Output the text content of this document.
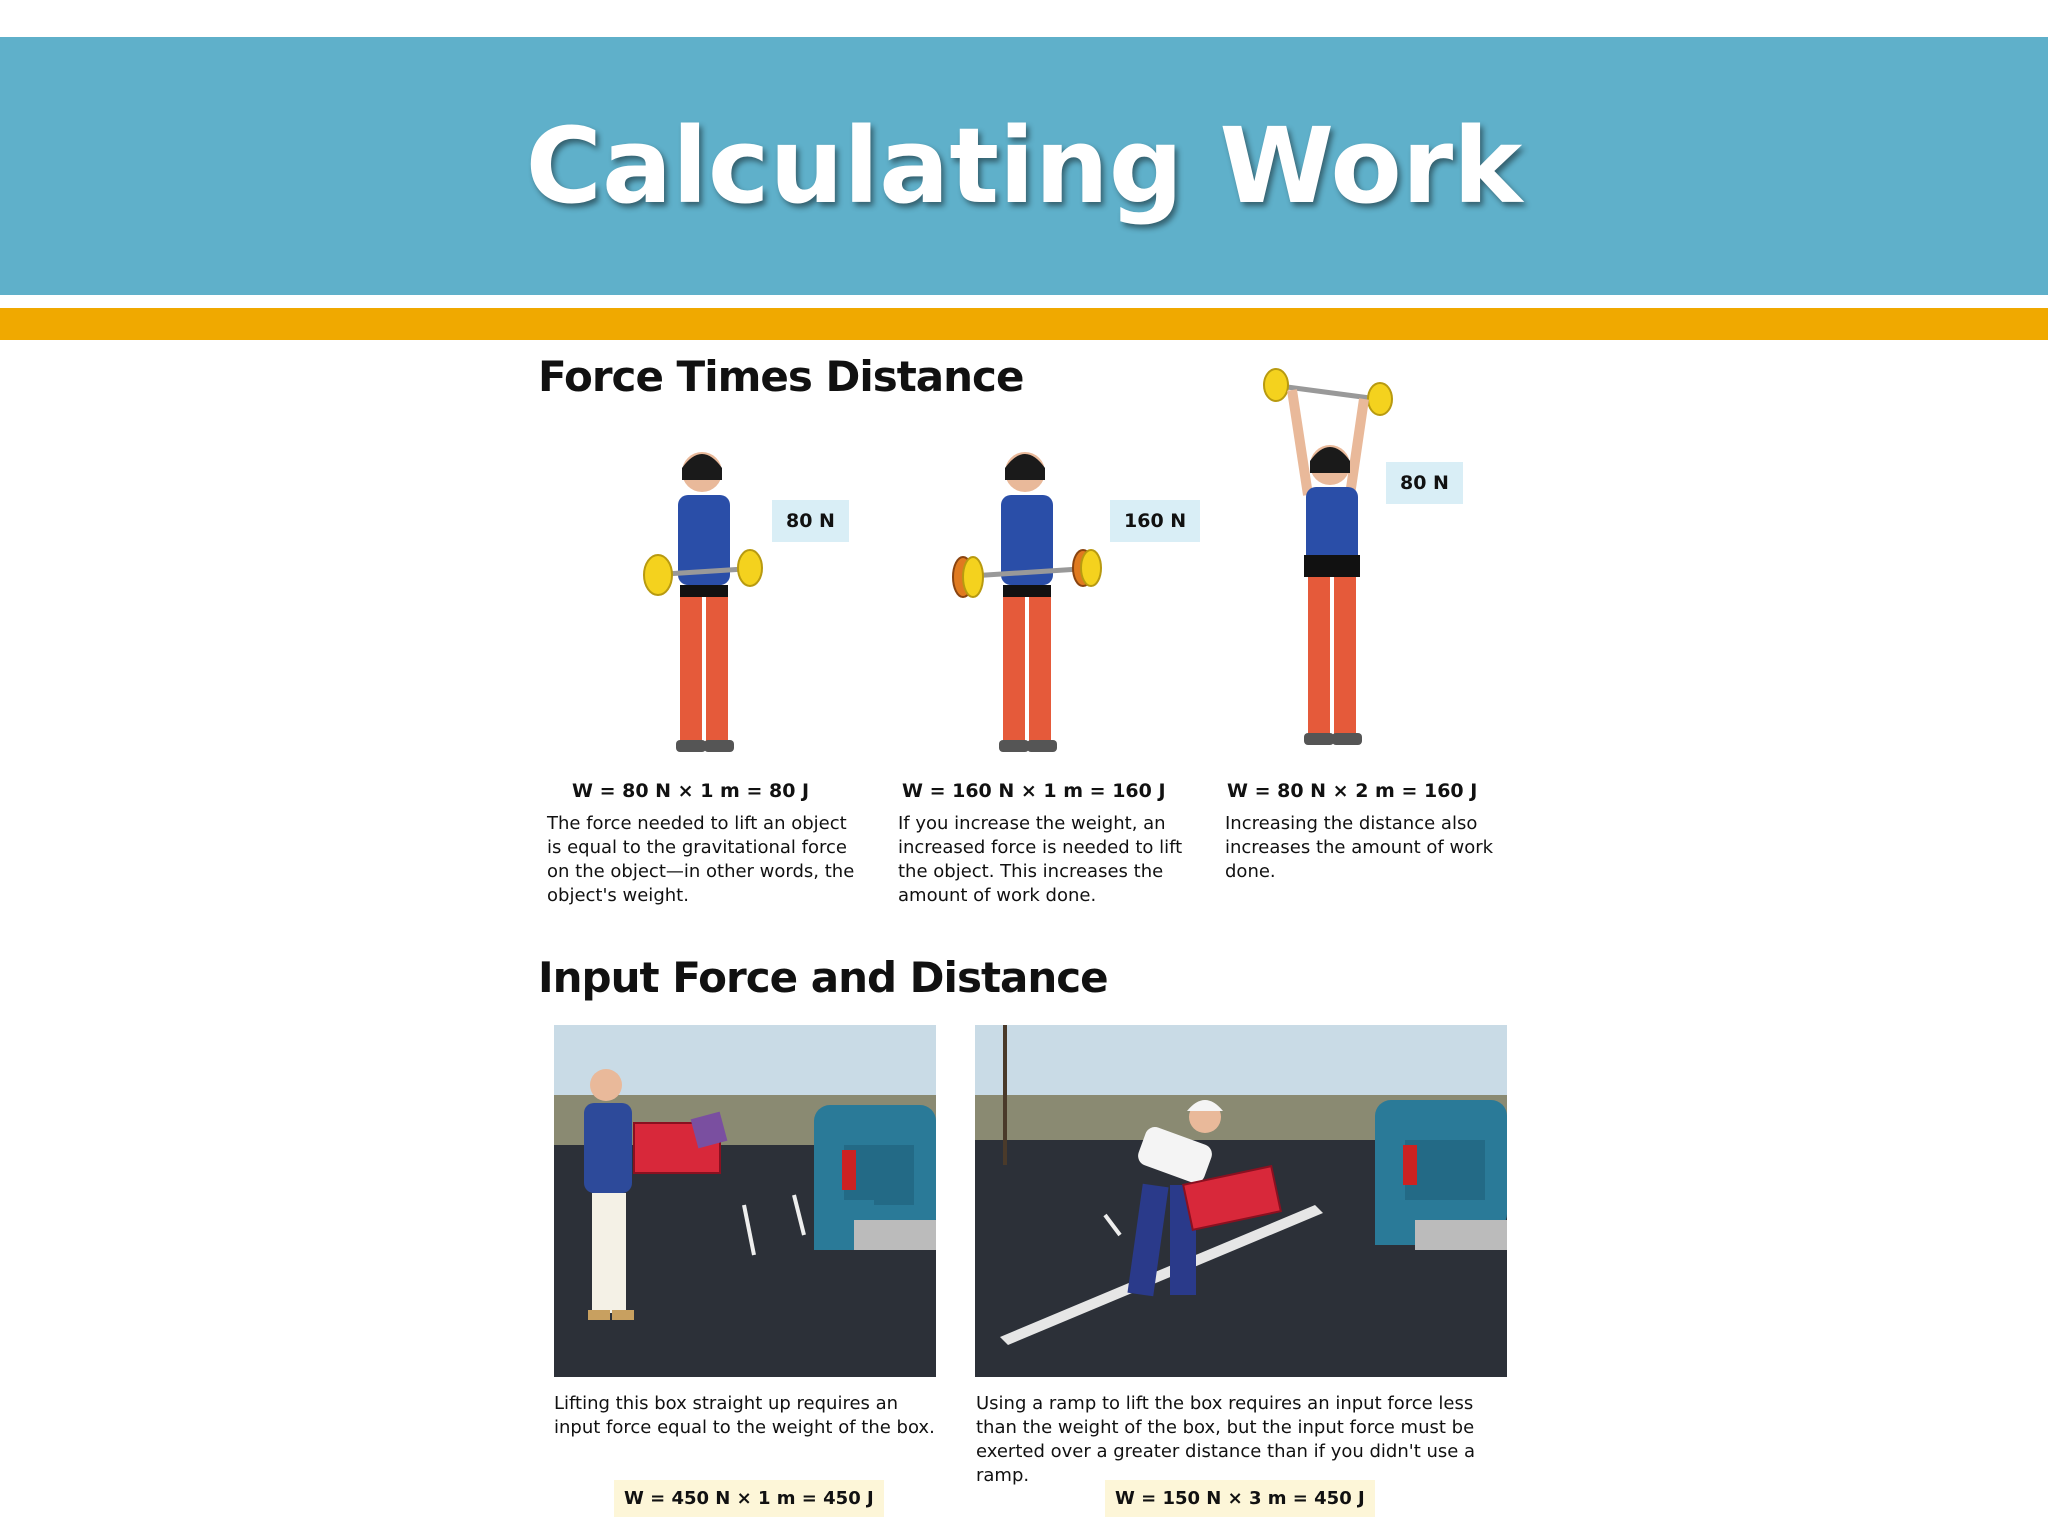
Calculating Work
Force Times Distance
80 N	160 N
80 N
W = 80 N × 1 m = 80 J	W = 160 N × 1 m = 160 J	W = 80 N × 2 m = 160 J
The force needed to lift an object is equal to the gravitational force on the object—in other words, the object's weight.
If you increase the weight, an increased force is needed to lift the object. This increases the amount of work done.
Increasing the distance also increases the amount of work done.
Input Force and Distance
Lifting this box straight up requires an input force equal to the weight of the box.
Using a ramp to lift the box requires an input force less than the weight of the box, but the input force must be exerted over a greater distance than if you didn't use a ramp.
W = 450 N × 1 m = 450 J	W = 150 N × 3 m = 450 J
